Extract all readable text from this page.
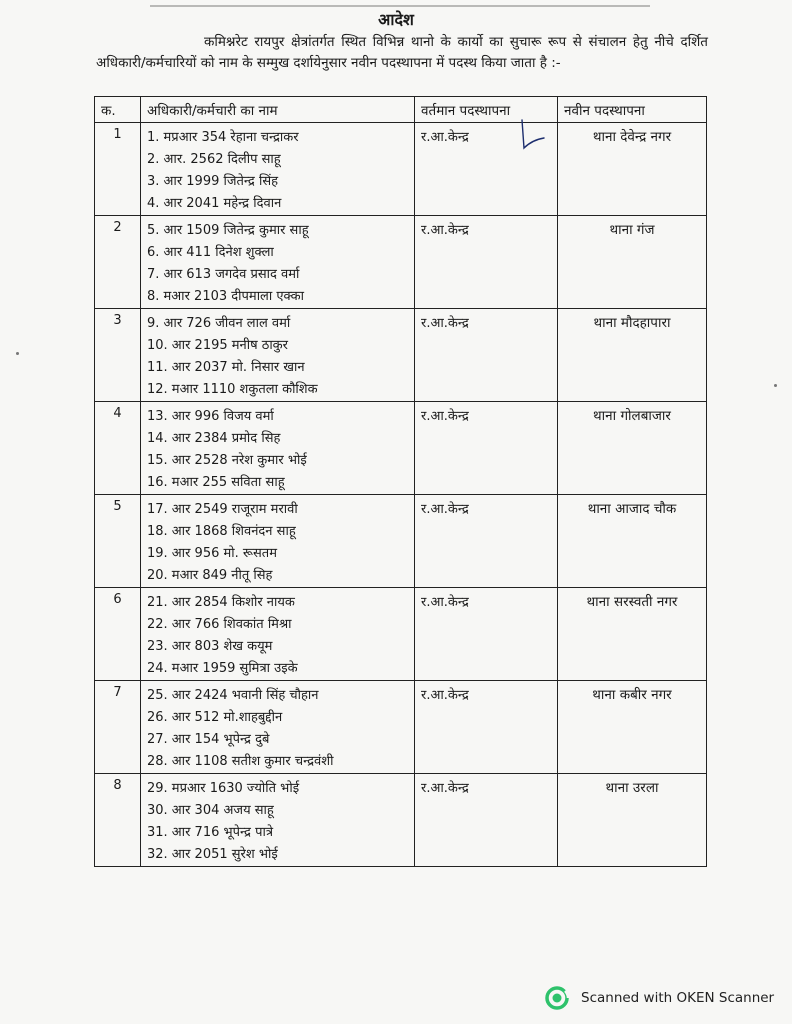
आदेश
कमिश्नरेट रायपुर क्षेत्रांतर्गत स्थित विभिन्न थानो के कार्यो का सुचारू रूप से संचालन हेतु नीचे दर्शित अधिकारी/कर्मचारियों को नाम के सम्मुख दर्शायेनुसार नवीन पदस्थापना में पदस्थ किया जाता है :-
क.	अधिकारी/कर्मचारी का नाम	वर्तमान पदस्थापना	नवीन पदस्थापना
1	1. मप्रआर 354 रेहाना चन्द्राकर
2. आर. 2562 दिलीप साहू
3. आर 1999 जितेन्द्र सिंह
4. आर 2041 महेन्द्र दिवान	र.आ.केन्द्र	थाना देवेन्द्र नगर
2	5. आर 1509 जितेन्द्र कुमार साहू
6. आर 411 दिनेश शुक्ला
7. आर 613 जगदेव प्रसाद वर्मा
8. मआर 2103 दीपमाला एक्का	र.आ.केन्द्र	थाना गंज
3	9. आर 726 जीवन लाल वर्मा
10. आर 2195 मनीष ठाकुर
11. आर 2037 मो. निसार खान
12. मआर 1110 शकुतला कौशिक	र.आ.केन्द्र	थाना मौदहापारा
4	13. आर 996 विजय वर्मा
14. आर 2384 प्रमोद सिह
15. आर 2528 नरेश कुमार भोई
16. मआर 255 सविता साहू	र.आ.केन्द्र	थाना गोलबाजार
5	17. आर 2549 राजूराम मरावी
18. आर 1868 शिवनंदन साहू
19. आर 956 मो. रूसतम
20. मआर 849 नीतू सिह	र.आ.केन्द्र	थाना आजाद चौक
6	21. आर 2854 किशोर नायक
22. आर 766 शिवकांत मिश्रा
23. आर 803 शेख कयूम
24. मआर 1959 सुमित्रा उइके	र.आ.केन्द्र	थाना सरस्वती नगर
7	25. आर 2424 भवानी सिंह चौहान
26. आर 512 मो.शाहबुद्दीन
27. आर 154 भूपेन्द्र दुबे
28. आर 1108 सतीश कुमार चन्द्रवंशी	र.आ.केन्द्र	थाना कबीर नगर
8	29. मप्रआर 1630 ज्योति भोई
30. आर 304 अजय साहू
31. आर 716 भूपेन्द्र पात्रे
32. आर 2051 सुरेश भोई	र.आ.केन्द्र	थाना उरला
Scanned with OKEN Scanner
